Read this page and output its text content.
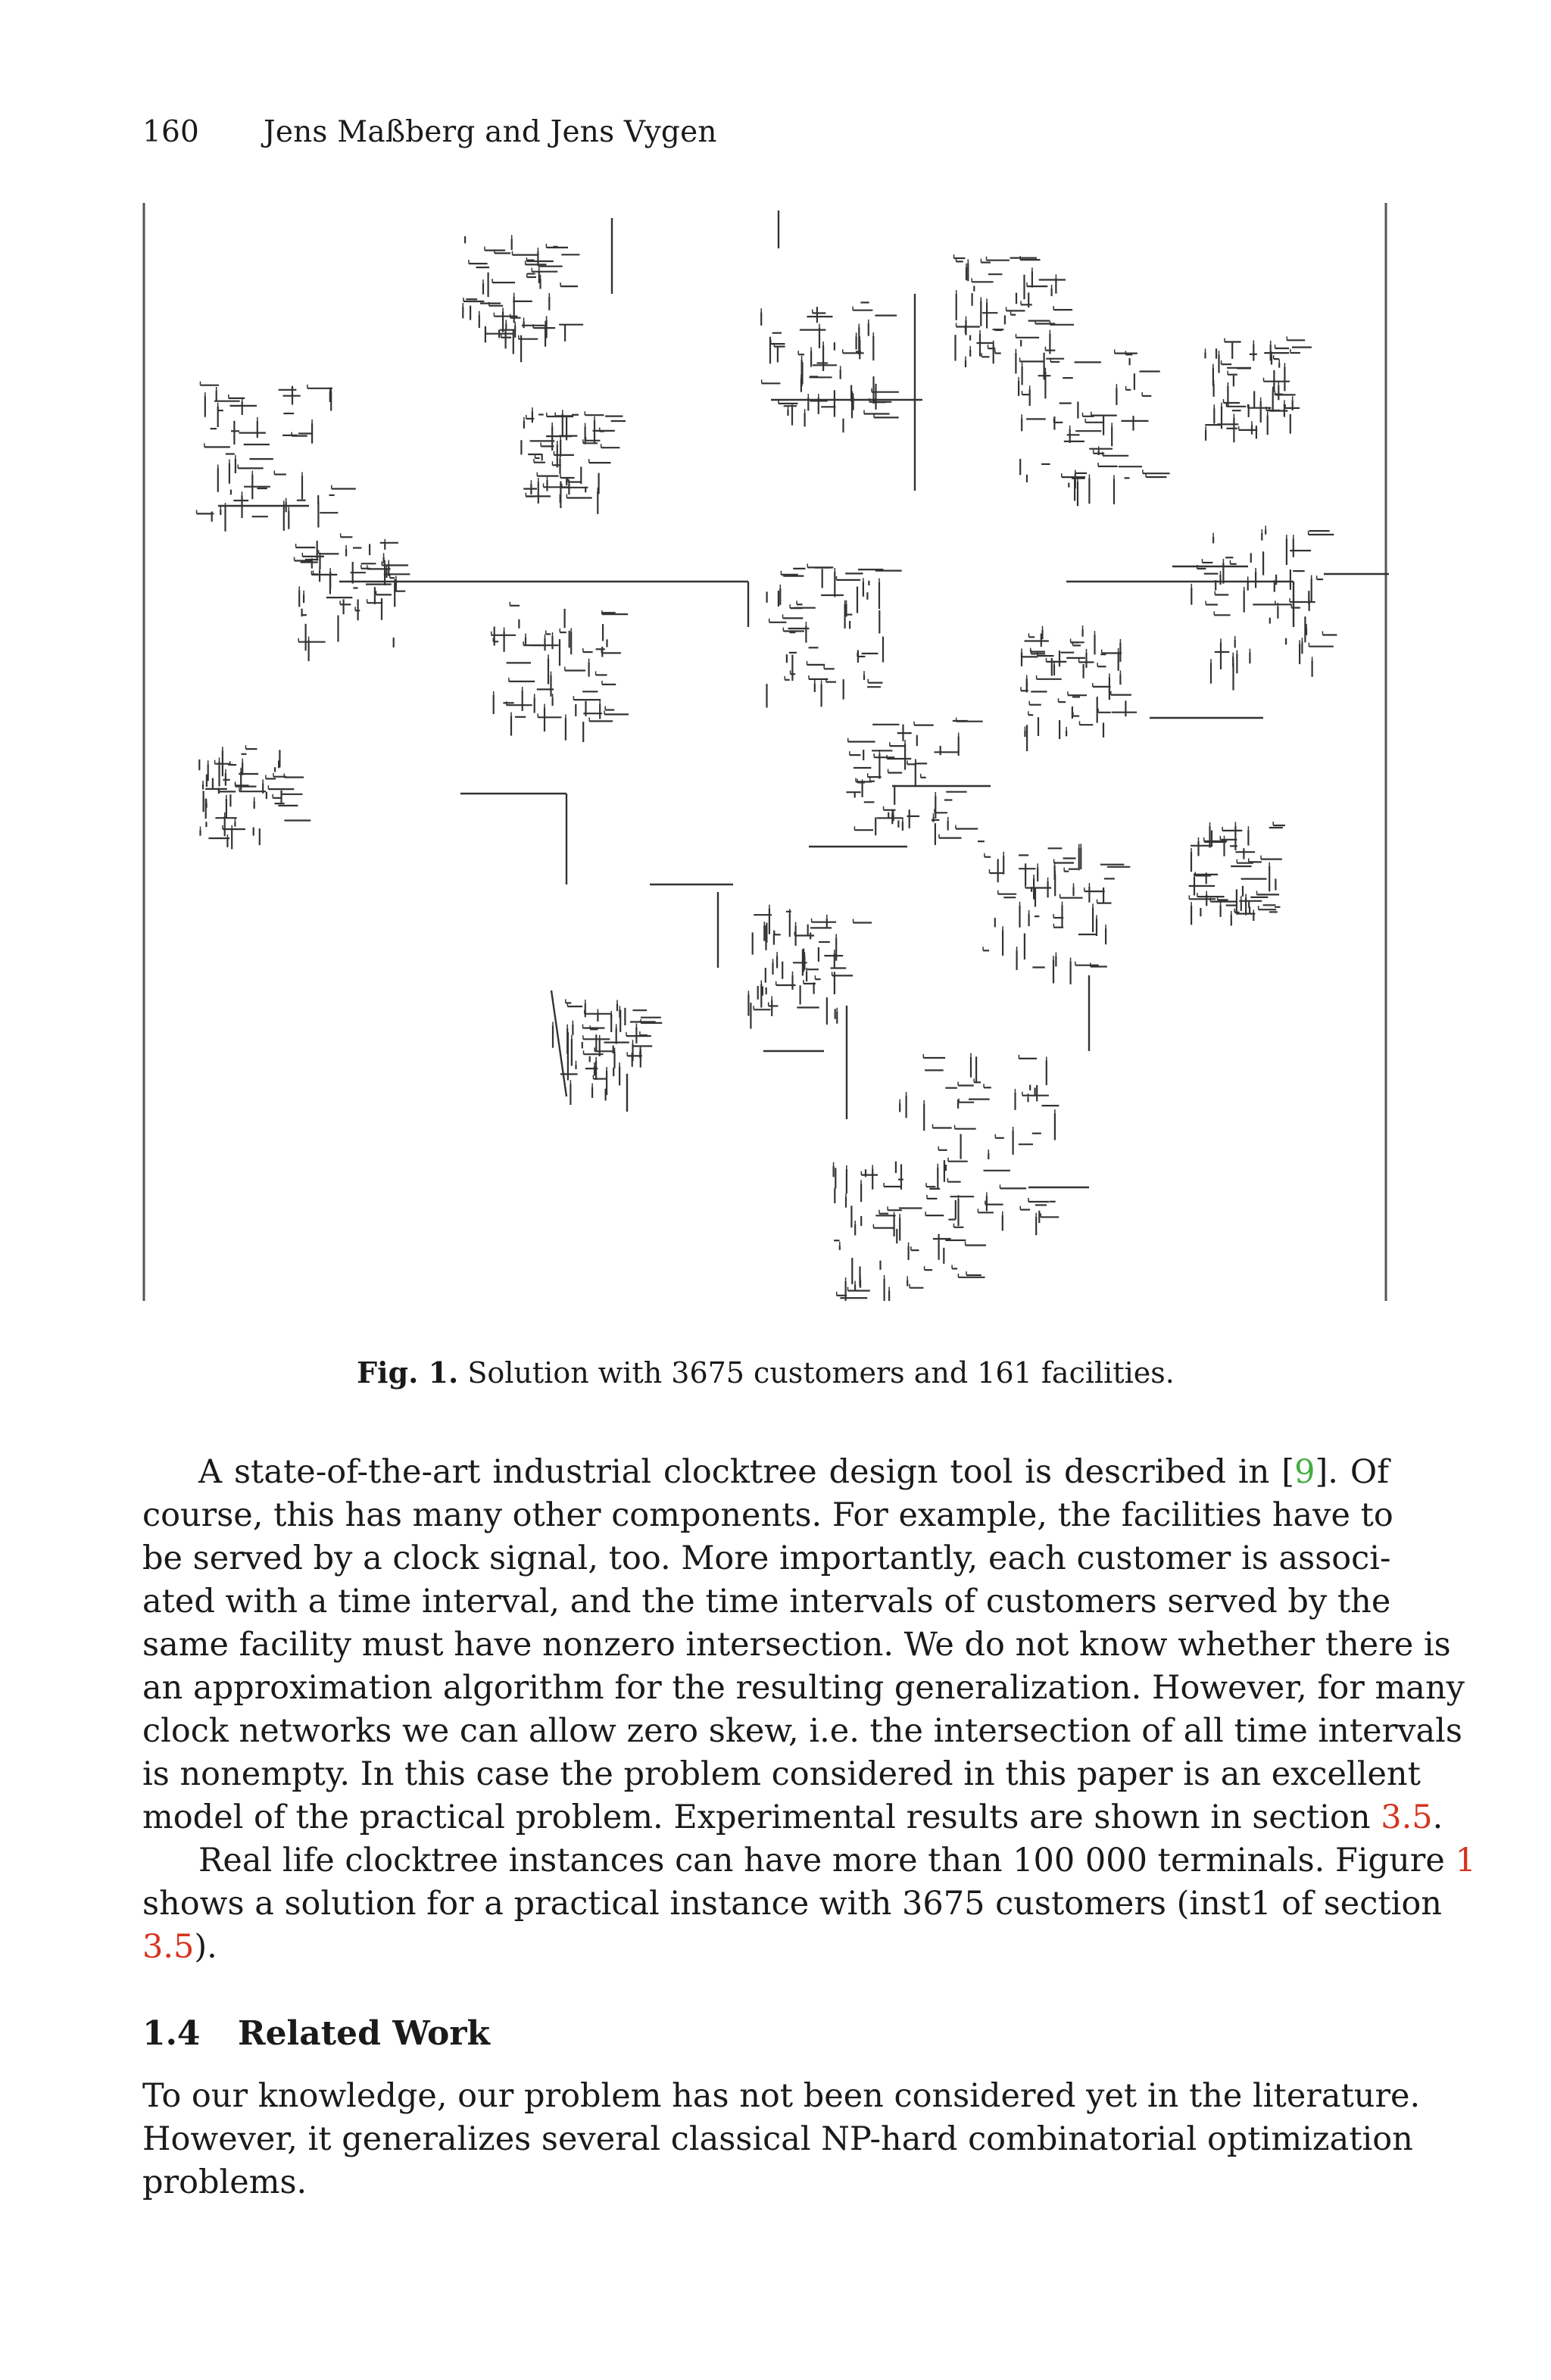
160 Jens Maßberg and Jens Vygen
Fig. 1. Solution with 3675 customers and 161 facilities.
A state-of-the-art industrial clocktree design tool is described in [9]. Of
course, this has many other components. For example, the facilities have to
be served by a clock signal, too. More importantly, each customer is associ-
ated with a time interval, and the time intervals of customers served by the
same facility must have nonzero intersection. We do not know whether there is
an approximation algorithm for the resulting generalization. However, for many
clock networks we can allow zero skew, i.e. the intersection of all time intervals
is nonempty. In this case the problem considered in this paper is an excellent
model of the practical problem. Experimental results are shown in section 3.5.
Real life clocktree instances can have more than 100 000 terminals. Figure 1
shows a solution for a practical instance with 3675 customers (inst1 of section
3.5).
1.4 Related Work
To our knowledge, our problem has not been considered yet in the literature.
However, it generalizes several classical NP-hard combinatorial optimization
problems.
